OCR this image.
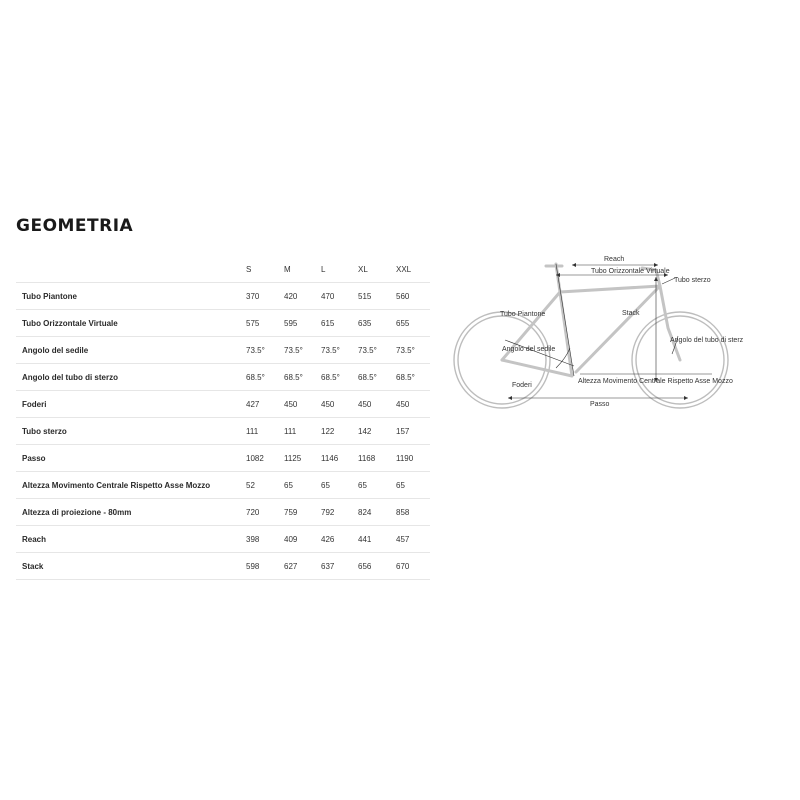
GEOMETRIA
	S	M	L	XL	XXL
Tubo Piantone	370	420	470	515	560
Tubo Orizzontale Virtuale	575	595	615	635	655
Angolo del sedile	73.5°	73.5°	73.5°	73.5°	73.5°
Angolo del tubo di sterzo	68.5°	68.5°	68.5°	68.5°	68.5°
Foderi	427	450	450	450	450
Tubo sterzo	111	111	122	142	157
Passo	1082	1125	1146	1168	1190
Altezza Movimento Centrale Rispetto Asse Mozzo	52	65	65	65	65
Altezza di proiezione - 80mm	720	759	792	824	858
Reach	398	409	426	441	457
Stack	598	627	637	656	670
Reach
Tubo Orizzontale Virtuale
Tubo sterzo
Tubo Piantone	Stack
Angolo del sedile
Angolo del tubo di sterz
Foderi
Altezza Movimento Centrale Rispetto Asse Mozzo
Passo
